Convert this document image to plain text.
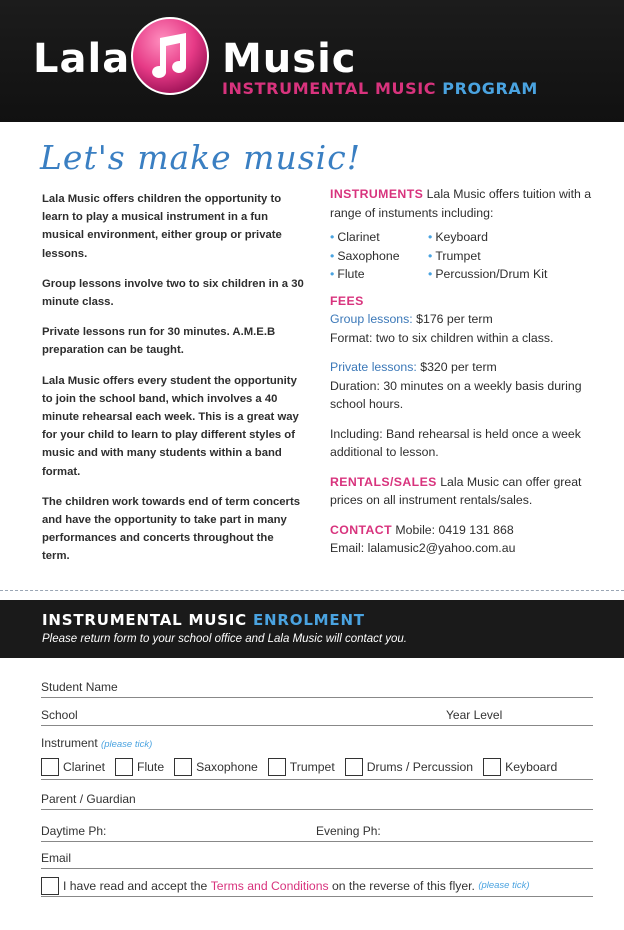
Lala Music
INSTRUMENTAL MUSIC PROGRAM
Let's make music!

Lala Music offers children the opportunity to learn to play a musical instrument in a fun musical environment, either group or private lessons.

Group lessons involve two to six children in a 30 minute class.

Private lessons run for 30 minutes. A.M.E.B preparation can be taught.

Lala Music offers every student the opportunity to join the school band, which involves a 40 minute rehearsal each week. This is a great way for your child to learn to play different styles of music and with many students within a band format.

The children work towards end of term concerts and have the opportunity to take part in many performances and concerts throughout the term.

INSTRUMENTS Lala Music offers tuition with a range of instuments including:
• Clarinet	• Keyboard
• Saxophone	• Trumpet
• Flute	• Percussion/Drum Kit
FEES
Group lessons: $176 per term
Format: two to six children within a class.
Private lessons: $320 per term
Duration: 30 minutes on a weekly basis during school hours.
Including: Band rehearsal is held once a week additional to lesson.
RENTALS/SALES Lala Music can offer great prices on all instrument rentals/sales.
CONTACT Mobile: 0419 131 868
Email: lalamusic2@yahoo.com.au
INSTRUMENTAL MUSIC ENROLMENT
Please return form to your school office and Lala Music will contact you.
Student Name
School	Year Level
Instrument (please tick)
Clarinet	Flute	Saxophone	Trumpet	Drums / Percussion	Keyboard
Parent / Guardian
Daytime Ph:	Evening Ph:
Email
I have read and accept the
Terms and Conditions
on the reverse of this flyer.
(please tick)
